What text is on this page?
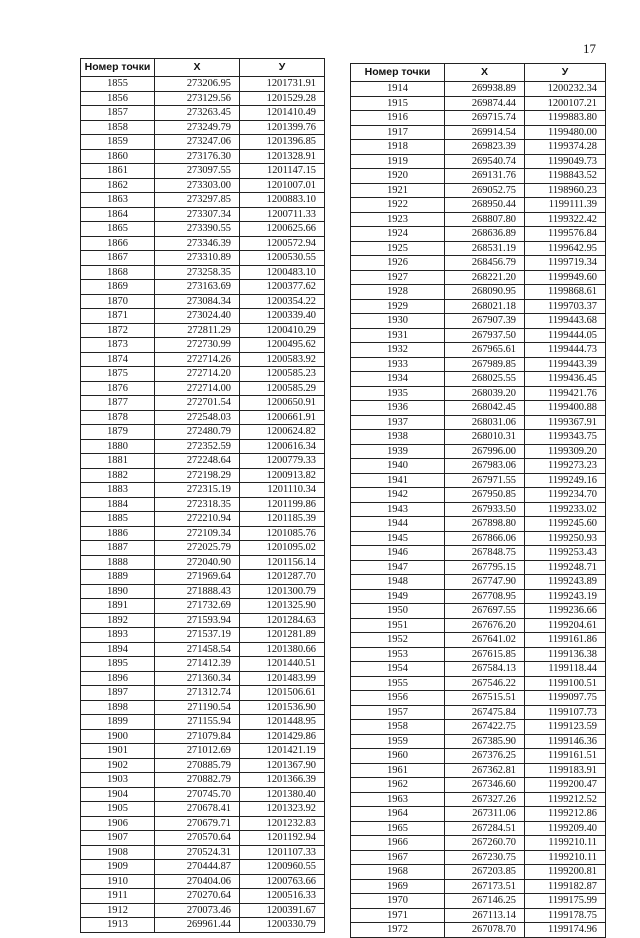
17
Номер точки	X	У
1855	273206.95	1201731.91
1856	273129.56	1201529.28
1857	273263.45	1201410.49
1858	273249.79	1201399.76
1859	273247.06	1201396.85
1860	273176.30	1201328.91
1861	273097.55	1201147.15
1862	273303.00	1201007.01
1863	273297.85	1200883.10
1864	273307.34	1200711.33
1865	273390.55	1200625.66
1866	273346.39	1200572.94
1867	273310.89	1200530.55
1868	273258.35	1200483.10
1869	273163.69	1200377.62
1870	273084.34	1200354.22
1871	273024.40	1200339.40
1872	272811.29	1200410.29
1873	272730.99	1200495.62
1874	272714.26	1200583.92
1875	272714.20	1200585.23
1876	272714.00	1200585.29
1877	272701.54	1200650.91
1878	272548.03	1200661.91
1879	272480.79	1200624.82
1880	272352.59	1200616.34
1881	272248.64	1200779.33
1882	272198.29	1200913.82
1883	272315.19	1201110.34
1884	272318.35	1201199.86
1885	272210.94	1201185.39
1886	272109.34	1201085.76
1887	272025.79	1201095.02
1888	272040.90	1201156.14
1889	271969.64	1201287.70
1890	271888.43	1201300.79
1891	271732.69	1201325.90
1892	271593.94	1201284.63
1893	271537.19	1201281.89
1894	271458.54	1201380.66
1895	271412.39	1201440.51
1896	271360.34	1201483.99
1897	271312.74	1201506.61
1898	271190.54	1201536.90
1899	271155.94	1201448.95
1900	271079.84	1201429.86
1901	271012.69	1201421.19
1902	270885.79	1201367.90
1903	270882.79	1201366.39
1904	270745.70	1201380.40
1905	270678.41	1201323.92
1906	270679.71	1201232.83
1907	270570.64	1201192.94
1908	270524.31	1201107.33
1909	270444.87	1200960.55
1910	270404.06	1200763.66
1911	270270.64	1200516.33
1912	270073.46	1200391.67
1913	269961.44	1200330.79
Номер точки	X	У
1914	269938.89	1200232.34
1915	269874.44	1200107.21
1916	269715.74	1199883.80
1917	269914.54	1199480.00
1918	269823.39	1199374.28
1919	269540.74	1199049.73
1920	269131.76	1198843.52
1921	269052.75	1198960.23
1922	268950.44	1199111.39
1923	268807.80	1199322.42
1924	268636.89	1199576.84
1925	268531.19	1199642.95
1926	268456.79	1199719.34
1927	268221.20	1199949.60
1928	268090.95	1199868.61
1929	268021.18	1199703.37
1930	267907.39	1199443.68
1931	267937.50	1199444.05
1932	267965.61	1199444.73
1933	267989.85	1199443.39
1934	268025.55	1199436.45
1935	268039.20	1199421.76
1936	268042.45	1199400.88
1937	268031.06	1199367.91
1938	268010.31	1199343.75
1939	267996.00	1199309.20
1940	267983.06	1199273.23
1941	267971.55	1199249.16
1942	267950.85	1199234.70
1943	267933.50	1199233.02
1944	267898.80	1199245.60
1945	267866.06	1199250.93
1946	267848.75	1199253.43
1947	267795.15	1199248.71
1948	267747.90	1199243.89
1949	267708.95	1199243.19
1950	267697.55	1199236.66
1951	267676.20	1199204.61
1952	267641.02	1199161.86
1953	267615.85	1199136.38
1954	267584.13	1199118.44
1955	267546.22	1199100.51
1956	267515.51	1199097.75
1957	267475.84	1199107.73
1958	267422.75	1199123.59
1959	267385.90	1199146.36
1960	267376.25	1199161.51
1961	267362.81	1199183.91
1962	267346.60	1199200.47
1963	267327.26	1199212.52
1964	267311.06	1199212.86
1965	267284.51	1199209.40
1966	267260.70	1199210.11
1967	267230.75	1199210.11
1968	267203.85	1199200.81
1969	267173.51	1199182.87
1970	267146.25	1199175.99
1971	267113.14	1199178.75
1972	267078.70	1199174.96
